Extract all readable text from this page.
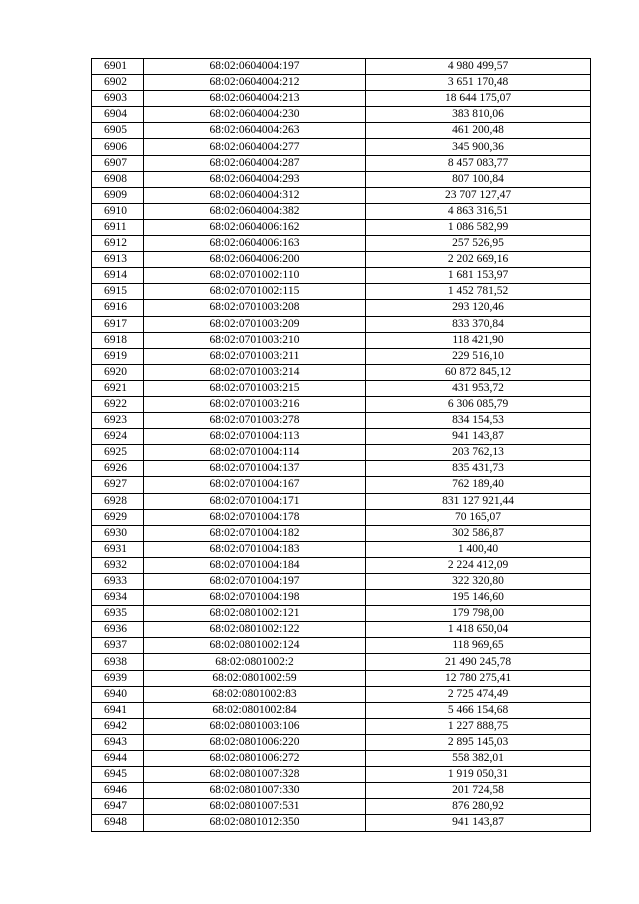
6901	68:02:0604004:197	4 980 499,57
6902	68:02:0604004:212	3 651 170,48
6903	68:02:0604004:213	18 644 175,07
6904	68:02:0604004:230	383 810,06
6905	68:02:0604004:263	461 200,48
6906	68:02:0604004:277	345 900,36
6907	68:02:0604004:287	8 457 083,77
6908	68:02:0604004:293	807 100,84
6909	68:02:0604004:312	23 707 127,47
6910	68:02:0604004:382	4 863 316,51
6911	68:02:0604006:162	1 086 582,99
6912	68:02:0604006:163	257 526,95
6913	68:02:0604006:200	2 202 669,16
6914	68:02:0701002:110	1 681 153,97
6915	68:02:0701002:115	1 452 781,52
6916	68:02:0701003:208	293 120,46
6917	68:02:0701003:209	833 370,84
6918	68:02:0701003:210	118 421,90
6919	68:02:0701003:211	229 516,10
6920	68:02:0701003:214	60 872 845,12
6921	68:02:0701003:215	431 953,72
6922	68:02:0701003:216	6 306 085,79
6923	68:02:0701003:278	834 154,53
6924	68:02:0701004:113	941 143,87
6925	68:02:0701004:114	203 762,13
6926	68:02:0701004:137	835 431,73
6927	68:02:0701004:167	762 189,40
6928	68:02:0701004:171	831 127 921,44
6929	68:02:0701004:178	70 165,07
6930	68:02:0701004:182	302 586,87
6931	68:02:0701004:183	1 400,40
6932	68:02:0701004:184	2 224 412,09
6933	68:02:0701004:197	322 320,80
6934	68:02:0701004:198	195 146,60
6935	68:02:0801002:121	179 798,00
6936	68:02:0801002:122	1 418 650,04
6937	68:02:0801002:124	118 969,65
6938	68:02:0801002:2	21 490 245,78
6939	68:02:0801002:59	12 780 275,41
6940	68:02:0801002:83	2 725 474,49
6941	68:02:0801002:84	5 466 154,68
6942	68:02:0801003:106	1 227 888,75
6943	68:02:0801006:220	2 895 145,03
6944	68:02:0801006:272	558 382,01
6945	68:02:0801007:328	1 919 050,31
6946	68:02:0801007:330	201 724,58
6947	68:02:0801007:531	876 280,92
6948	68:02:0801012:350	941 143,87
